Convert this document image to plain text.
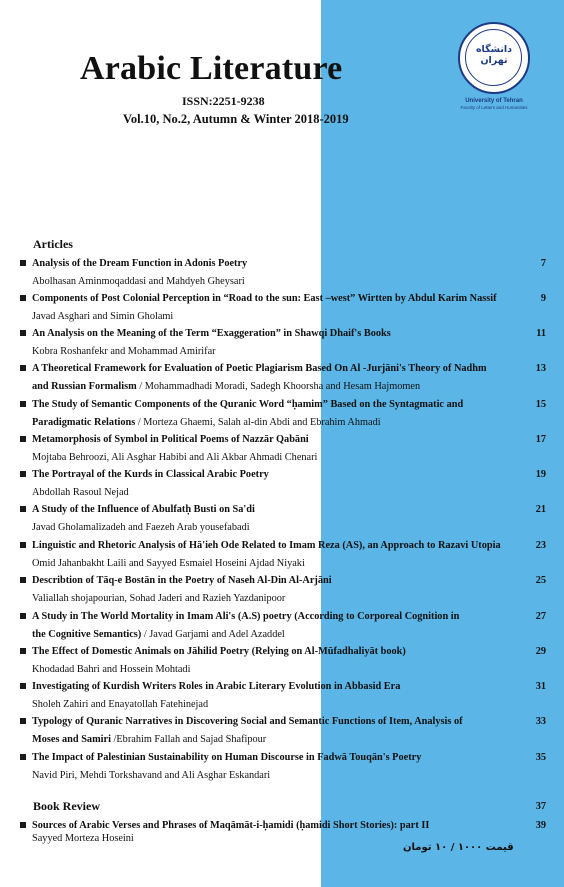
دانشگاه
تهران
University of Tehran
Faculty of Letters and Humanities
Arabic Literature
ISSN:2251-9238
Vol.10, No.2, Autumn & Winter 2018-2019
Articles
Analysis of the Dream Function in Adonis Poetry	7
Abolhasan Aminmoqaddasi and Mahdyeh Gheysari
Components of Post Colonial Perception in “Road to the sun: East –west” Wirtten by Abdul Karim Nassif	9
Javad Asghari and Simin Gholami
An Analysis on the Meaning of the Term “Exaggeration” in Shawqi Dhaif's Books	11
Kobra Roshanfekr and Mohammad Amirifar
A Theoretical Framework for Evaluation of Poetic Plagiarism Based On Al -Jurjāni's Theory of Nadhm	13
and Russian Formalism / Mohammadhadi Moradi, Sadegh Khoorsha and Hesam Hajmomen
The Study of Semantic Components of the Quranic Word “ḥamim” Based on the Syntagmatic and	15
Paradigmatic Relations / Morteza Ghaemi, Salah al-din Abdi and Ebrahim Ahmadi
Metamorphosis of Symbol in Political Poems of Nazzār Qabāni	17
Mojtaba Behroozi, Ali Asghar Habibi and Ali Akbar Ahmadi Chenari
The Portrayal of the Kurds in Classical Arabic Poetry	19
Abdollah Rasoul Nejad
A Study of the Influence of Abulfatḥ Busti on Sa'di	21
Javad Gholamalizadeh and Faezeh Arab yousefabadi
Linguistic and Rhetoric Analysis of Hā'ieh Ode Related to Imam Reza (AS), an Approach to Razavi Utopia	23
Omid Jahanbakht Laili and Sayyed Esmaiel Hoseini Ajdad Niyaki
Describtion of Tāq-e Bostān in the Poetry of Naseh Al-Din Al-Arjāni	25
Valiallah shojapourian, Sohad Jaderi and Razieh Yazdanipoor
A Study in The World Mortality in Imam Ali's (A.S) poetry (According to Corporeal Cognition in	27
the Cognitive Semantics) / Javad Garjami and Adel Azaddel
The Effect of Domestic Animals on Jāhilid Poetry (Relying on Al-Mūfadhaliyāt book)	29
Khodadad Bahri and Hossein Mohtadi
Investigating of Kurdish Writers Roles in Arabic Literary Evolution in Abbasid Era	31
Sholeh Zahiri and Enayatollah Fatehinejad
Typology of Quranic Narratives in Discovering Social and Semantic Functions of Item, Analysis of	33
Moses and Samiri /Ebrahim Fallah and Sajad Shafipour
The Impact of Palestinian Sustainability on Human Discourse in Fadwā Touqān's Poetry	35
Navid Piri, Mehdi Torkshavand and Ali Asghar Eskandari
Book Review	37
Sources of Arabic Verses and Phrases of Maqāmāt-i-ḥamidi (ḥamidi Short Stories): part II	39
Sayyed Morteza Hoseini
قیمت ۱۰۰۰ / ۱۰ تومان
